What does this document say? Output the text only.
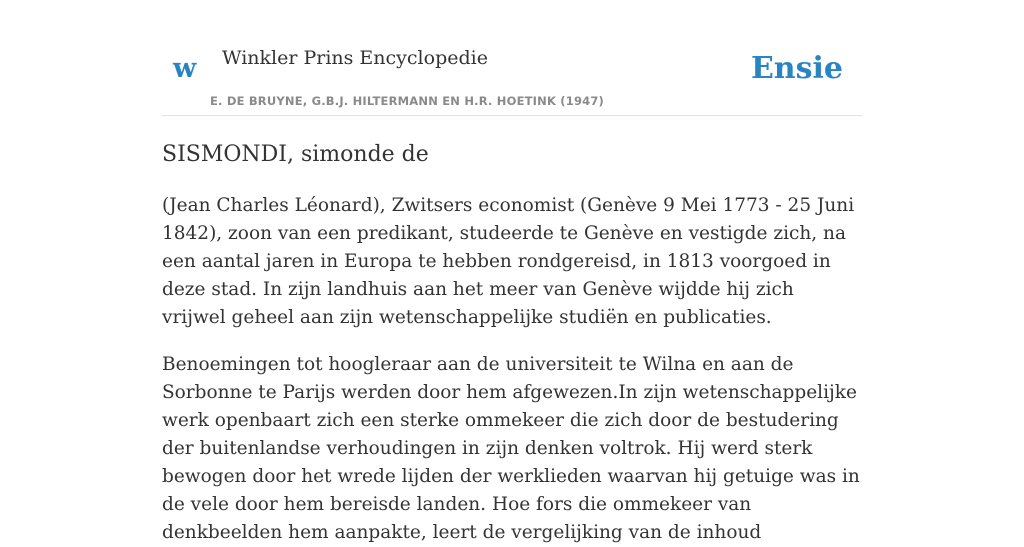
w Winkler Prins Encyclopedie
E. DE BRUYNE, G.B.J. HILTERMANN EN H.R. HOETINK (1947)
Ensie
SISMONDI, simonde de

(Jean Charles Léonard), Zwitsers economist (Genève 9 Mei 1773 - 25 Juni 1842), zoon van een predikant, studeerde te Genève en vestigde zich, na een aantal jaren in Europa te hebben rondgereisd, in 1813 voorgoed in deze stad. In zijn landhuis aan het meer van Genève wijdde hij zich vrijwel geheel aan zijn wetenschappelijke studiën en publicaties.

Benoemingen tot hoogleraar aan de universiteit te Wilna en aan de Sorbonne te Parijs werden door hem afgewezen.In zijn wetenschappelijke werk openbaart zich een sterke ommekeer die zich door de bestudering der buitenlandse verhoudingen in zijn denken voltrok. Hij werd sterk bewogen door het wrede lijden der werklieden waarvan hij getuige was in de vele door hem bereisde landen. Hoe fors die ommekeer van denkbeelden hem aanpakte, leert de vergelijking van de inhoud
